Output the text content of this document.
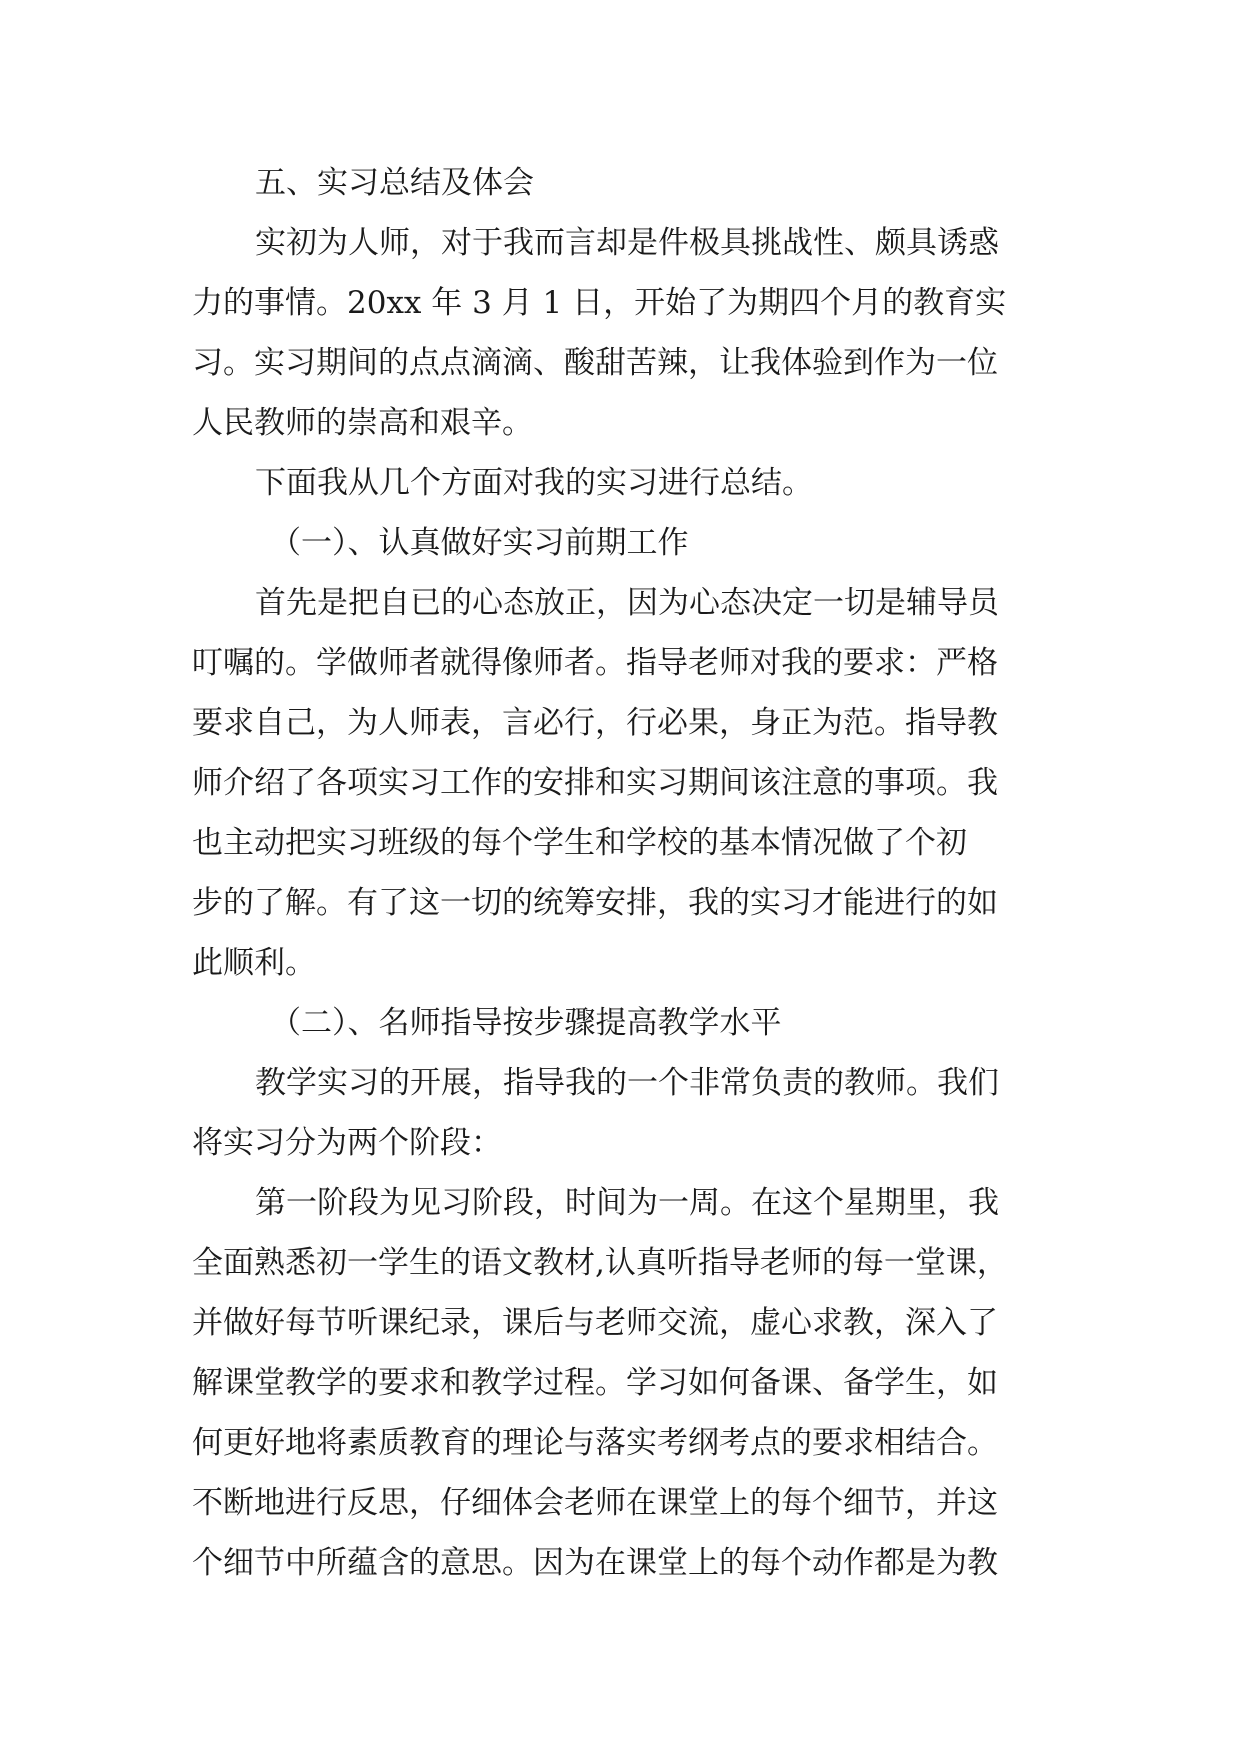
五、实习总结及体会

实初为人师，对于我而言却是件极具挑战性、颇具诱惑

力的事情。20xx 年 3 月 1 日，开始了为期四个月的教育实

习。实习期间的点点滴滴、酸甜苦辣，让我体验到作为一位

人民教师的崇高和艰辛。

下面我从几个方面对我的实习进行总结。

（一）、认真做好实习前期工作

首先是把自已的心态放正，因为心态决定一切是辅导员

叮嘱的。学做师者就得像师者。指导老师对我的要求：严格

要求自己，为人师表，言必行，行必果，身正为范。指导教

师介绍了各项实习工作的安排和实习期间该注意的事项。我

也主动把实习班级的每个学生和学校的基本情况做了个初

步的了解。有了这一切的统筹安排，我的实习才能进行的如

此顺利。

（二）、名师指导按步骤提高教学水平

教学实习的开展，指导我的一个非常负责的教师。我们

将实习分为两个阶段：

第一阶段为见习阶段，时间为一周。在这个星期里，我

全面熟悉初一学生的语文教材,认真听指导老师的每一堂课，

并做好每节听课纪录，课后与老师交流，虚心求教，深入了

解课堂教学的要求和教学过程。学习如何备课、备学生，如

何更好地将素质教育的理论与落实考纲考点的要求相结合。

不断地进行反思，仔细体会老师在课堂上的每个细节，并这

个细节中所蕴含的意思。因为在课堂上的每个动作都是为教
